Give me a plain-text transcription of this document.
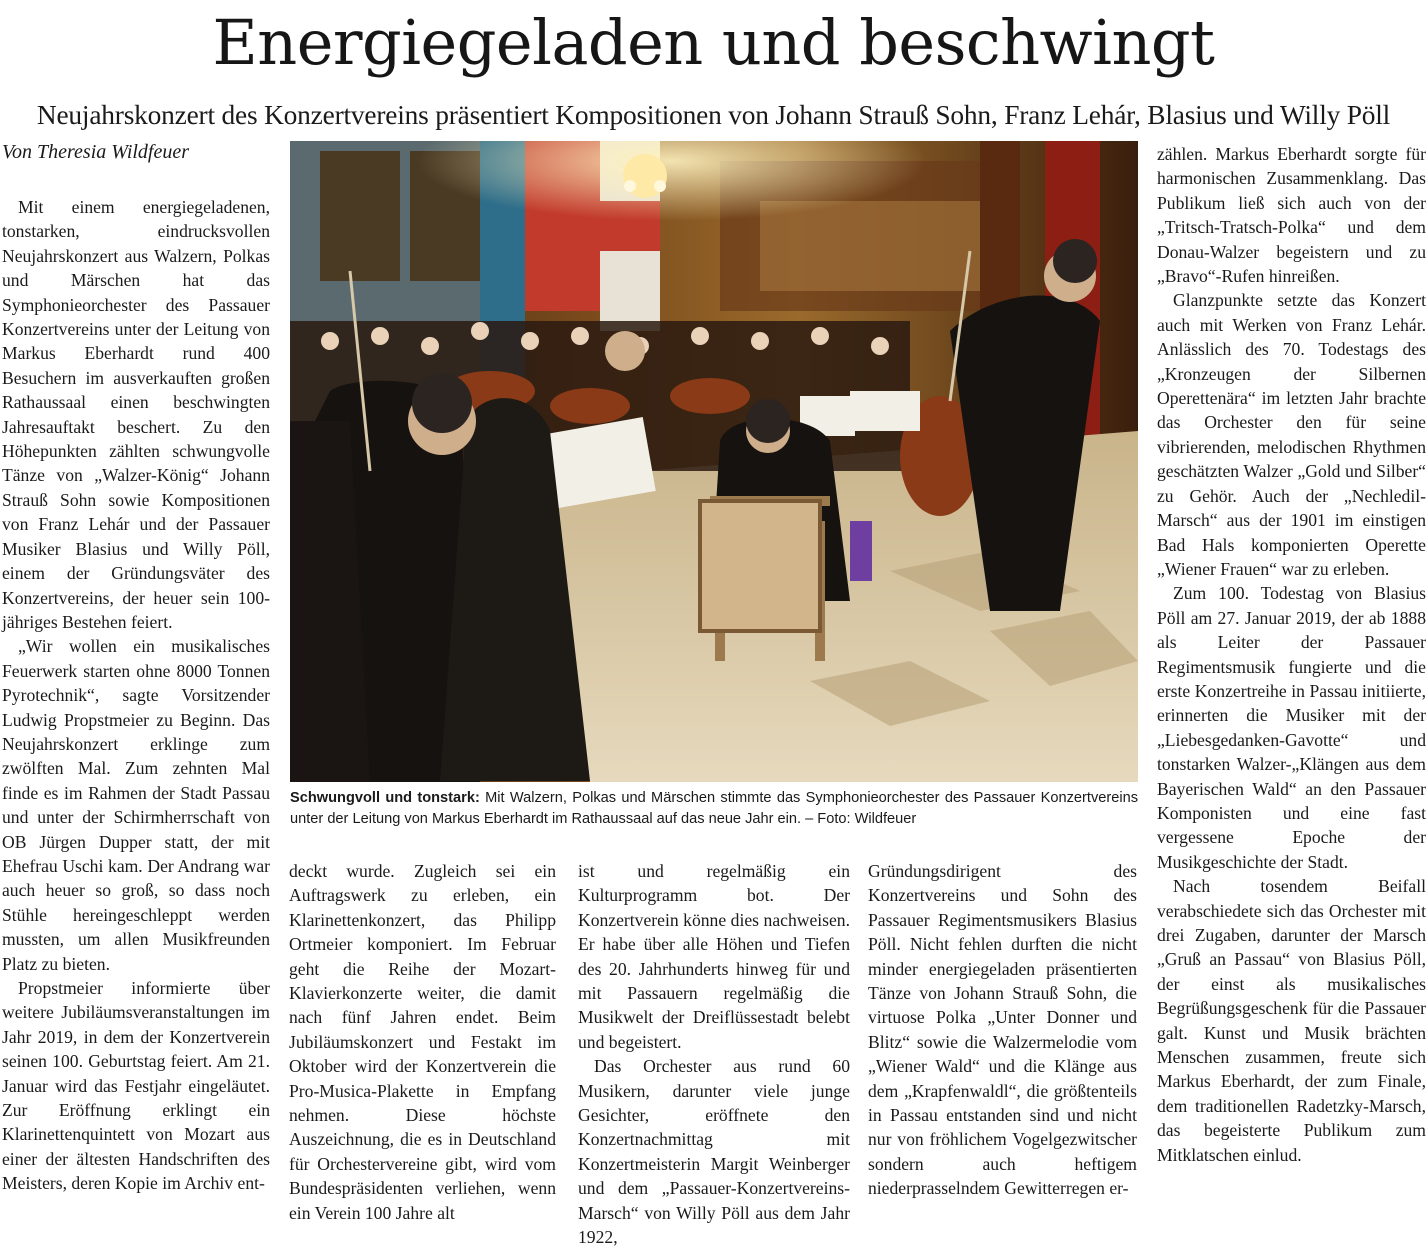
Energiegeladen und beschwingt
Neujahrskonzert des Konzertvereins präsentiert Kompositionen von Johann Strauß Sohn, Franz Lehár, Blasius und Willy Pöll
Von Theresia Wildfeuer

Mit einem energiegeladenen, tonstarken, eindrucksvollen Neujahrskonzert aus Walzern, Polkas und Märschen hat das Symphonieorchester des Passauer Konzertvereins unter der Leitung von Markus Eberhardt rund 400 Besuchern im ausverkauften großen Rathaussaal einen beschwingten Jahresauftakt beschert. Zu den Höhepunkten zählten schwungvolle Tänze von „Walzer-König“ Johann Strauß Sohn sowie Kompositionen von Franz Lehár und der Passauer Musiker Blasius und Willy Pöll, einem der Gründungsväter des Konzertvereins, der heuer sein 100-jähriges Bestehen feiert.

„Wir wollen ein musikalisches Feuerwerk starten ohne 8000 Tonnen Pyrotechnik“, sagte Vorsitzender Ludwig Propstmeier zu Beginn. Das Neujahrskonzert erklinge zum zwölften Mal. Zum zehnten Mal finde es im Rahmen der Stadt Passau und unter der Schirmherrschaft von OB Jürgen Dupper statt, der mit Ehefrau Uschi kam. Der Andrang war auch heuer so groß, so dass noch Stühle hereingeschleppt werden mussten, um allen Musikfreunden Platz zu bieten.

Propstmeier informierte über weitere Jubiläumsveranstaltungen im Jahr 2019, in dem der Konzertverein seinen 100. Geburtstag feiert. Am 21. Januar wird das Festjahr eingeläutet. Zur Eröffnung erklingt ein Klarinettenquintett von Mozart aus einer der ältesten Handschriften des Meisters, deren Kopie im Archiv ent-

Schwungvoll und tonstark: Mit Walzern, Polkas und Märschen stimmte das Symphonieorchester des Passauer Konzertvereins unter der Leitung von Markus Eberhardt im Rathaussaal auf das neue Jahr ein. – Foto: Wildfeuer

deckt wurde. Zugleich sei ein Auftragswerk zu erleben, ein Klarinettenkonzert, das Philipp Ortmeier komponiert. Im Februar geht die Reihe der Mozart-Klavierkonzerte weiter, die damit nach fünf Jahren endet. Beim Jubiläumskonzert und Festakt im Oktober wird der Konzertverein die Pro-Musica-Plakette in Empfang nehmen. Diese höchste Auszeichnung, die es in Deutschland für Orchestervereine gibt, wird vom Bundespräsidenten verliehen, wenn ein Verein 100 Jahre alt

ist und regelmäßig ein Kulturprogramm bot. Der Konzertverein könne dies nachweisen. Er habe über alle Höhen und Tiefen des 20. Jahrhunderts hinweg für und mit Passauern regelmäßig die Musikwelt der Dreiflüssestadt belebt und begeistert.

Das Orchester aus rund 60 Musikern, darunter viele junge Gesichter, eröffnete den Konzertnachmittag mit Konzertmeisterin Margit Weinberger und dem „Passauer-Konzertvereins-Marsch“ von Willy Pöll aus dem Jahr 1922,

Gründungsdirigent des Konzertvereins und Sohn des Passauer Regimentsmusikers Blasius Pöll. Nicht fehlen durften die nicht minder energiegeladen präsentierten Tänze von Johann Strauß Sohn, die virtuose Polka „Unter Donner und Blitz“ sowie die Walzermelodie vom „Wiener Wald“ und die Klänge aus dem „Krapfenwaldl“, die größtenteils in Passau entstanden sind und nicht nur von fröhlichem Vogelgezwitscher sondern auch heftigem niederprasselndem Gewitterregen er-

zählen. Markus Eberhardt sorgte für harmonischen Zusammenklang. Das Publikum ließ sich auch von der „Tritsch-Tratsch-Polka“ und dem Donau-Walzer begeistern und zu „Bravo“-Rufen hinreißen.

Glanzpunkte setzte das Konzert auch mit Werken von Franz Lehár. Anlässlich des 70. Todestags des „Kronzeugen der Silbernen Operettenära“ im letzten Jahr brachte das Orchester den für seine vibrierenden, melodischen Rhythmen geschätzten Walzer „Gold und Silber“ zu Gehör. Auch der „Nechledil-Marsch“ aus der 1901 im einstigen Bad Hals komponierten Operette „Wiener Frauen“ war zu erleben.

Zum 100. Todestag von Blasius Pöll am 27. Januar 2019, der ab 1888 als Leiter der Passauer Regimentsmusik fungierte und die erste Konzertreihe in Passau initiierte, erinnerten die Musiker mit der „Liebesgedanken-Gavotte“ und tonstarken Walzer-„Klängen aus dem Bayerischen Wald“ an den Passauer Komponisten und eine fast vergessene Epoche der Musikgeschichte der Stadt.

Nach tosendem Beifall verabschiedete sich das Orchester mit drei Zugaben, darunter der Marsch „Gruß an Passau“ von Blasius Pöll, der einst als musikalisches Begrüßungsgeschenk für die Passauer galt. Kunst und Musik brächten Menschen zusammen, freute sich Markus Eberhardt, der zum Finale, dem traditionellen Radetzky-Marsch, das begeisterte Publikum zum Mitklatschen einlud.
